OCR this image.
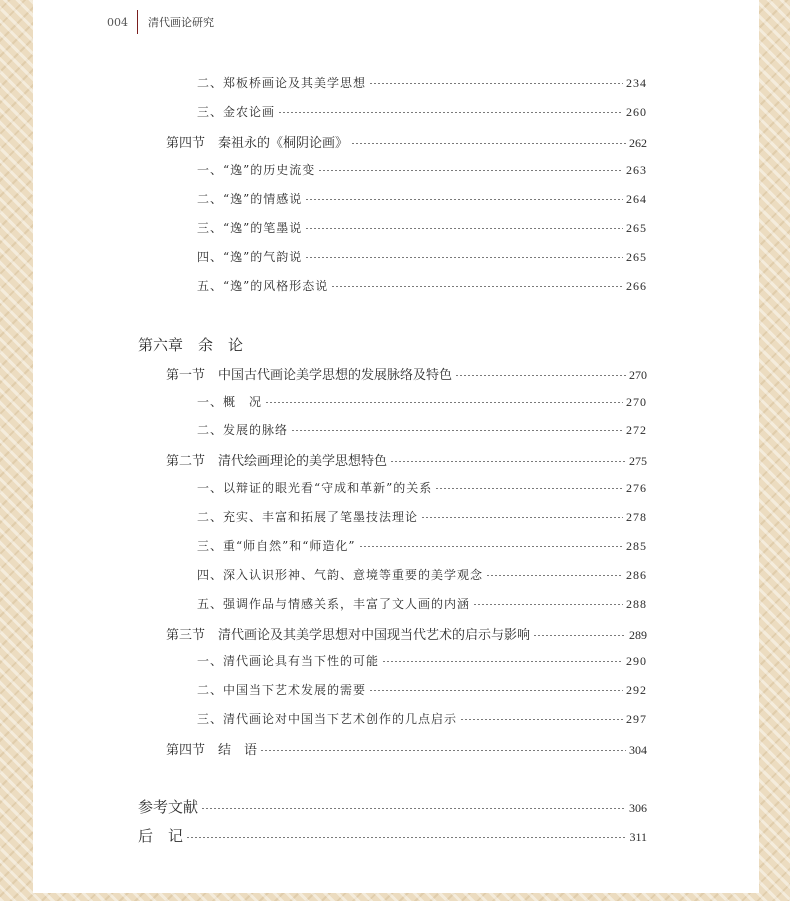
004	清代画论研究
二、郑板桥画论及其美学思想	234
三、金农论画	260
第四节　秦祖永的《桐阴论画》	262
一、“逸”的历史流变	263
二、“逸”的情感说	264
三、“逸”的笔墨说	265
四、“逸”的气韵说	265
五、“逸”的风格形态说	266
第六章　余　论
第一节　中国古代画论美学思想的发展脉络及特色	270
一、概　况	270
二、发展的脉络	272
第二节　清代绘画理论的美学思想特色	275
一、以辩证的眼光看“守成和革新”的关系	276
二、充实、丰富和拓展了笔墨技法理论	278
三、重“师自然”和“师造化”	285
四、深入认识形神、气韵、意境等重要的美学观念	286
五、强调作品与情感关系，丰富了文人画的内涵	288
第三节　清代画论及其美学思想对中国现当代艺术的启示与影响	289
一、清代画论具有当下性的可能	290
二、中国当下艺术发展的需要	292
三、清代画论对中国当下艺术创作的几点启示	297
第四节　结　语	304
参考文献	306
后　记	311
